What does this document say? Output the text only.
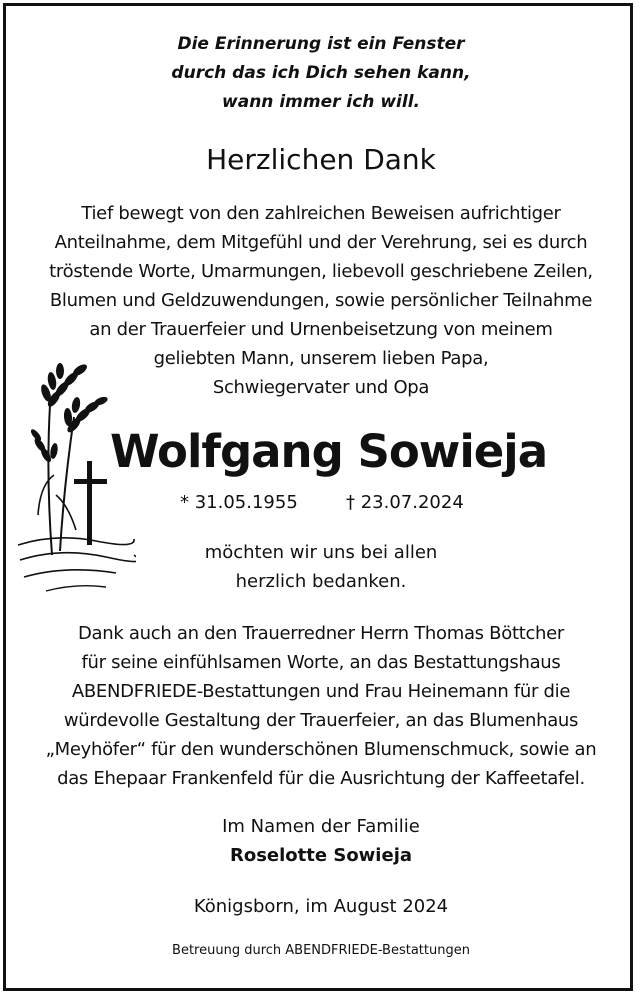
Die Erinnerung ist ein Fenster
durch das ich Dich sehen kann,
wann immer ich will.
Herzlichen Dank
Tief bewegt von den zahlreichen Beweisen aufrichtiger
Anteilnahme, dem Mitgefühl und der Verehrung, sei es durch
tröstende Worte, Umarmungen, liebevoll geschriebene Zeilen,
Blumen und Geldzuwendungen, sowie persönlicher Teilnahme
an der Trauerfeier und Urnenbeisetzung von meinem
geliebten Mann, unserem lieben Papa,
Schwiegervater und Opa
Wolfgang Sowieja
* 31.05.1955	† 23.07.2024
möchten wir uns bei allen
herzlich bedanken.
Dank auch an den Trauerredner Herrn Thomas Böttcher
für seine einfühlsamen Worte, an das Bestattungshaus
ABENDFRIEDE-Bestattungen und Frau Heinemann für die
würdevolle Gestaltung der Trauerfeier, an das Blumenhaus
„Meyhöfer“ für den wunderschönen Blumenschmuck, sowie an
das Ehepaar Frankenfeld für die Ausrichtung der Kaffeetafel.
Im Namen der Familie
Roselotte Sowieja
Königsborn, im August 2024
Betreuung durch ABENDFRIEDE-Bestattungen
